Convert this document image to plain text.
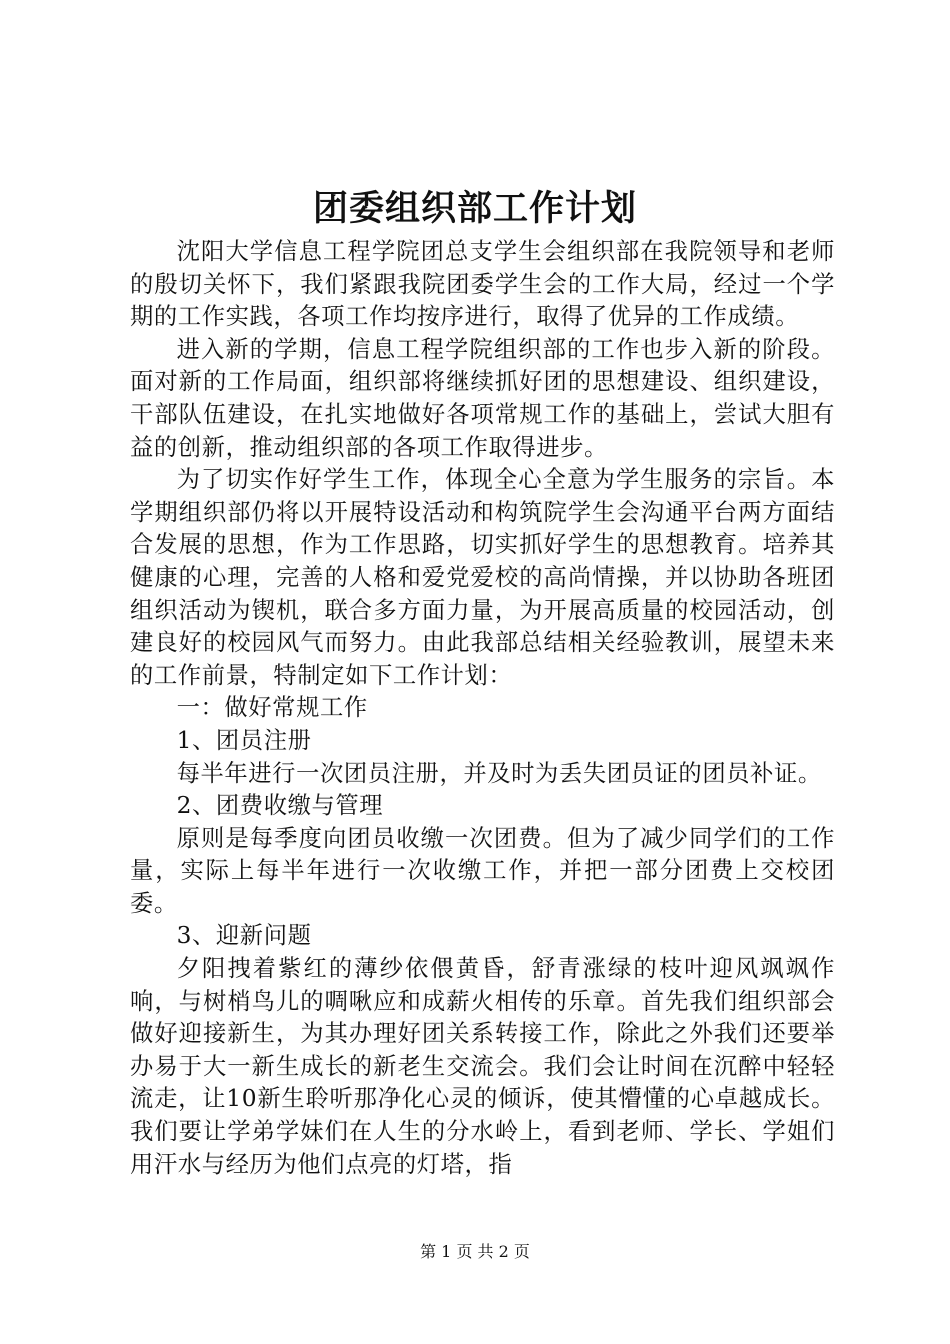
团委组织部工作计划

沈阳大学信息工程学院团总支学生会组织部在我院领导和老师的殷切关怀下，我们紧跟我院团委学生会的工作大局，经过一个学期的工作实践，各项工作均按序进行，取得了优异的工作成绩。

进入新的学期，信息工程学院组织部的工作也步入新的阶段。面对新的工作局面，组织部将继续抓好团的思想建设、组织建设，干部队伍建设，在扎实地做好各项常规工作的基础上，尝试大胆有益的创新，推动组织部的各项工作取得进步。

为了切实作好学生工作，体现全心全意为学生服务的宗旨。本学期组织部仍将以开展特设活动和构筑院学生会沟通平台两方面结合发展的思想，作为工作思路，切实抓好学生的思想教育。培养其健康的心理，完善的人格和爱党爱校的高尚情操，并以协助各班团组织活动为锲机，联合多方面力量，为开展高质量的校园活动，创建良好的校园风气而努力。由此我部总结相关经验教训，展望未来的工作前景，特制定如下工作计划：

一：做好常规工作

1、团员注册

每半年进行一次团员注册，并及时为丢失团员证的团员补证。

2、团费收缴与管理

原则是每季度向团员收缴一次团费。但为了减少同学们的工作量，实际上每半年进行一次收缴工作，并把一部分团费上交校团委。

3、迎新问题

夕阳拽着紫红的薄纱依偎黄昏，舒青涨绿的枝叶迎风飒飒作响，与树梢鸟儿的啁啾应和成薪火相传的乐章。首先我们组织部会做好迎接新生，为其办理好团关系转接工作，除此之外我们还要举办易于大一新生成长的新老生交流会。我们会让时间在沉醉中轻轻流走，让10新生聆听那净化心灵的倾诉，使其懵懂的心卓越成长。我们要让学弟学妹们在人生的分水岭上，看到老师、学长、学姐们用汗水与经历为他们点亮的灯塔，指

第 1 页 共 2 页
